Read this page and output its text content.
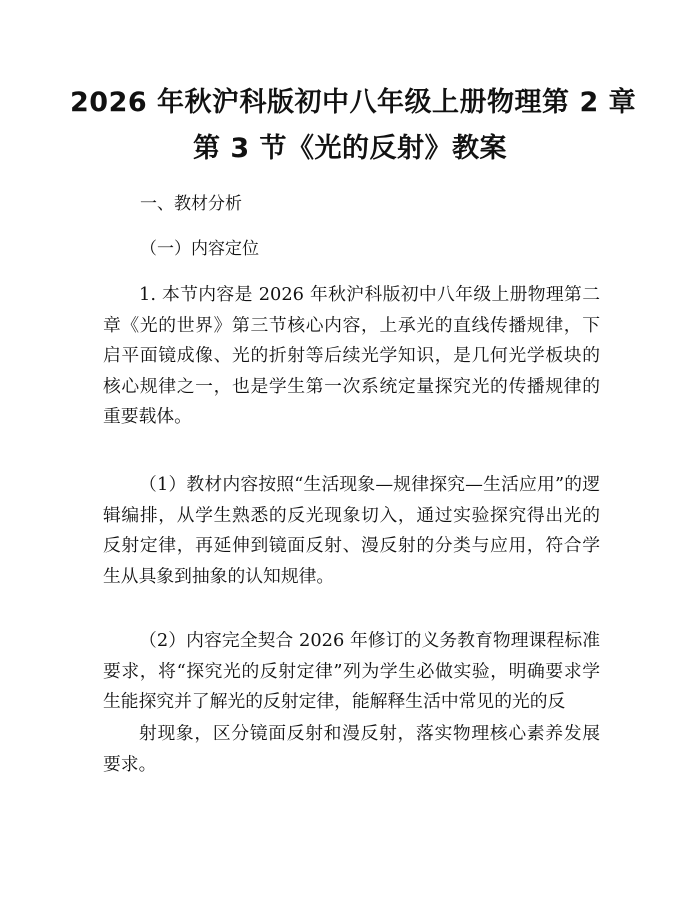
2026 年秋沪科版初中八年级上册物理第 2 章
第 3 节《光的反射》教案
一、教材分析
（一）内容定位
1. 本节内容是 2026 年秋沪科版初中八年级上册物理第二章《光的世界》第三节核心内容，上承光的直线传播规律，下启平面镜成像、光的折射等后续光学知识，是几何光学板块的核心规律之一，也是学生第一次系统定量探究光的传播规律的重要载体。
（1）教材内容按照“生活现象—规律探究—生活应用”的逻辑编排，从学生熟悉的反光现象切入，通过实验探究得出光的反射定律，再延伸到镜面反射、漫反射的分类与应用，符合学生从具象到抽象的认知规律。
（2）内容完全契合 2026 年修订的义务教育物理课程标准要求，将“探究光的反射定律”列为学生必做实验，明确要求学生能探究并了解光的反射定律，能解释生活中常见的光的反
射现象，区分镜面反射和漫反射，落实物理核心素养发展要求。
